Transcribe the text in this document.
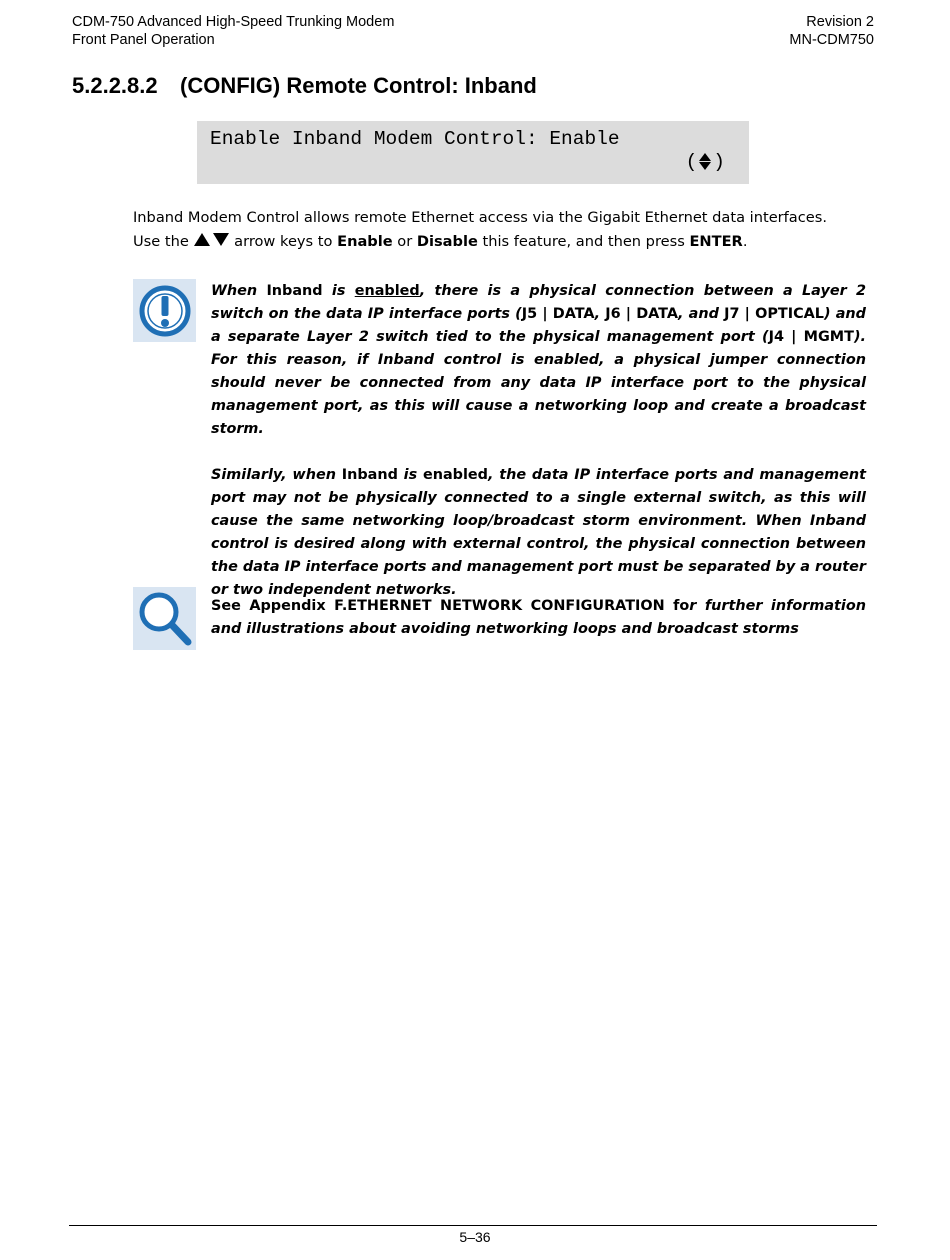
CDM-750 Advanced High-Speed Trunking Modem
Front Panel Operation
Revision 2
MN-CDM750
5.2.2.8.2 (CONFIG) Remote Control: Inband
Enable Inband Modem Control: Enable
( )
Inband Modem Control allows remote Ethernet access via the Gigabit Ethernet data interfaces.
Use the  arrow keys to Enable or Disable this feature, and then press ENTER.
When Inband is enabled, there is a physical connection between a Layer 2 switch on the data IP interface ports (J5 | DATA, J6 | DATA, and J7 | OPTICAL) and a separate Layer 2 switch tied to the physical management port (J4 | MGMT). For this reason, if Inband control is enabled, a physical jumper connection should never be connected from any data IP interface port to the physical management port, as this will cause a networking loop and create a broadcast storm.
Similarly, when Inband is enabled, the data IP interface ports and management port may not be physically connected to a single external switch, as this will cause the same networking loop/broadcast storm environment. When Inband control is desired along with external control, the physical connection between the data IP interface ports and management port must be separated by a router or two independent networks.
See Appendix F.ETHERNET NETWORK CONFIGURATION for further information and illustrations about avoiding networking loops and broadcast storms
5–36
